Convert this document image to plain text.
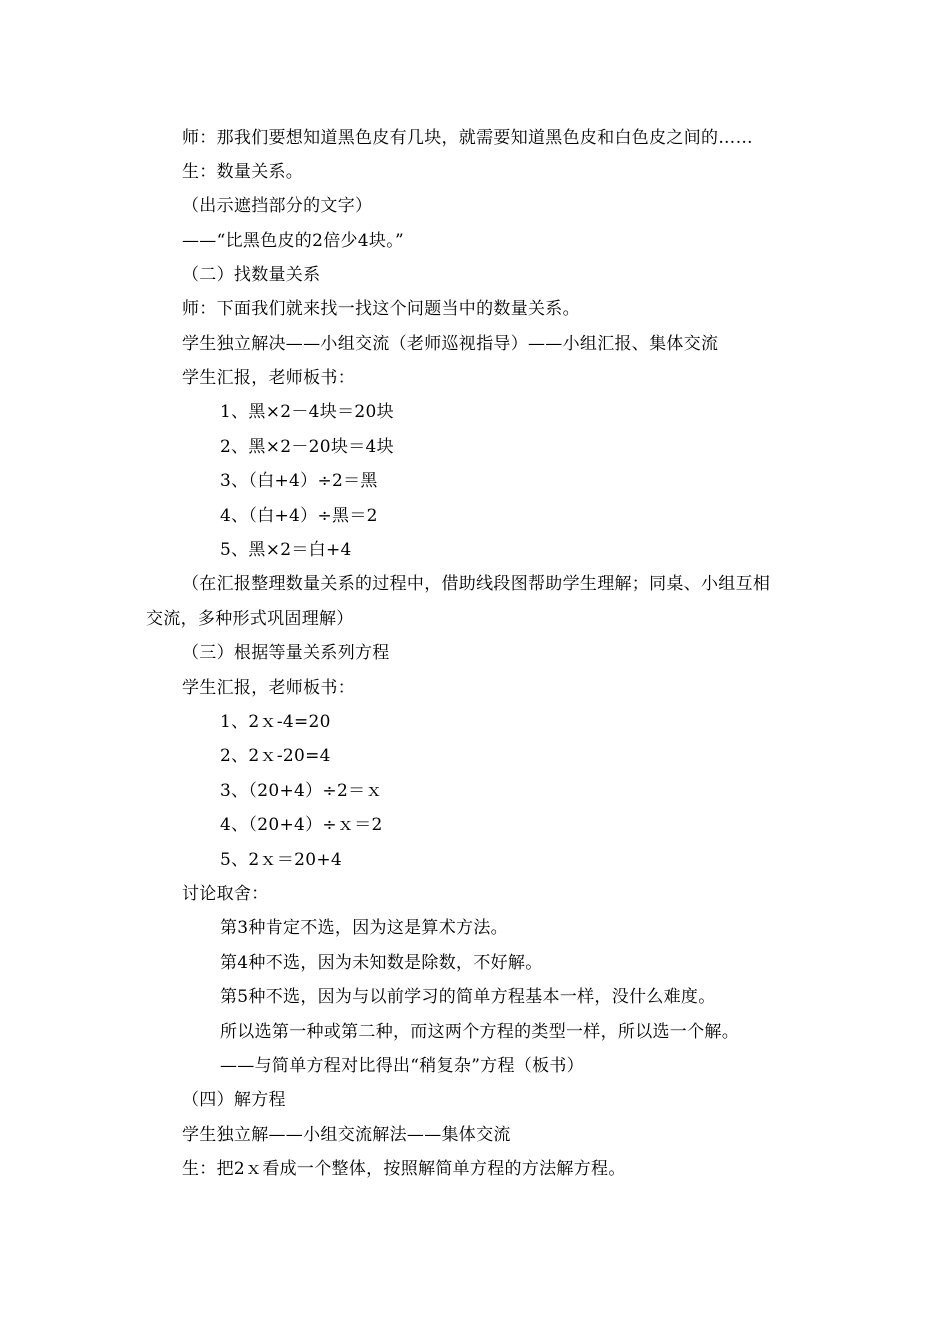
师：那我们要想知道黑色皮有几块，就需要知道黑色皮和白色皮之间的……
生：数量关系。
（出示遮挡部分的文字）
——“比黑色皮的2倍少4块。”
（二）找数量关系
师：下面我们就来找一找这个问题当中的数量关系。
学生独立解决——小组交流（老师巡视指导）——小组汇报、集体交流
学生汇报，老师板书：
1、黑×2－4块＝20块
2、黑×2－20块＝4块
3、（白+4）÷2＝黑
4、（白+4）÷黑＝2
5、黑×2＝白+4
（在汇报整理数量关系的过程中，借助线段图帮助学生理解；同桌、小组互相
交流，多种形式巩固理解）
（三）根据等量关系列方程
学生汇报，老师板书：
1、2ｘ-4=20
2、2ｘ-20=4
3、（20+4）÷2＝ｘ
4、（20+4）÷ｘ＝2
5、2ｘ＝20+4
讨论取舍：
第3种肯定不选，因为这是算术方法。
第4种不选，因为未知数是除数，不好解。
第5种不选，因为与以前学习的简单方程基本一样，没什么难度。
所以选第一种或第二种，而这两个方程的类型一样，所以选一个解。
——与简单方程对比得出“稍复杂”方程（板书）
（四）解方程
学生独立解——小组交流解法——集体交流
生：把2ｘ看成一个整体，按照解简单方程的方法解方程。
